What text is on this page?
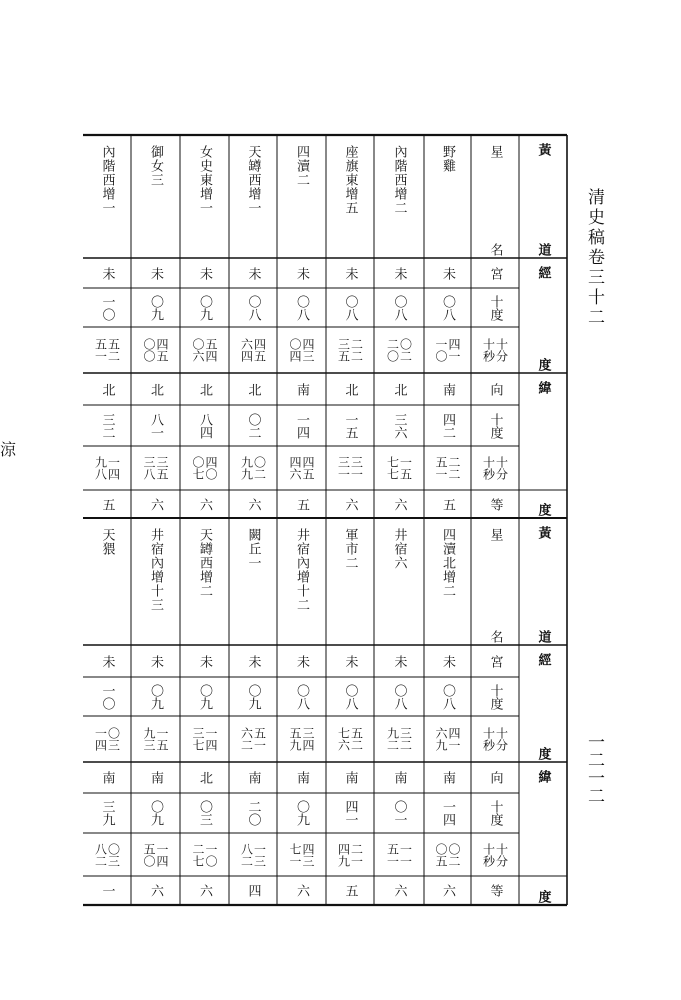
清史稿卷三十二
一二一二
涼
野雞
未
〇八
四一
一〇
南
四二
二二
五一
五
內階西增二
未
〇八
〇二
二〇
北
三六
一五
七七
六
座旗東增五
未
〇八
二二
三五
北
一五
三一
三一
六
四瀆二
未
〇八
四三
〇四
南
一四
四五
四六
五
天罇西增一
未
〇八
四五
六四
北
〇二
〇二
九九
六
女史東增一
未
〇九
五四
〇六
北
八四
四〇
〇七
六
御女三
未
〇九
四五
〇〇
北
八一
三五
三八
六
內階西增一
未
一〇
五二
五一
北
三二
一四
九八
五
星
名
宮
十度
十分
十秒
向
十度
十分
十秒
等
黃
道
經
度
緯
度
四瀆北增二
未
〇八
四一
六九
南
一四
〇二
〇五
六
井宿六
未
〇八
三二
九二
南
〇一
一一
五一
六
軍市二
未
〇八
五二
七六
南
四一
二一
四九
五
井宿內增十二
未
〇八
三四
五九
南
〇九
四三
七一
六
闕丘一
未
〇九
五一
六二
南
二〇
一三
八二
四
天罇西增二
未
〇九
一四
三七
北
〇三
一〇
二七
六
井宿內增十三
未
〇九
一五
九三
南
〇九
一四
五〇
六
天猥
未
一〇
〇三
一四
南
三九
〇三
八二
一
星
名
宮
十度
十分
十秒
向
十度
十分
十秒
等
黃
道
經
度
緯
度
